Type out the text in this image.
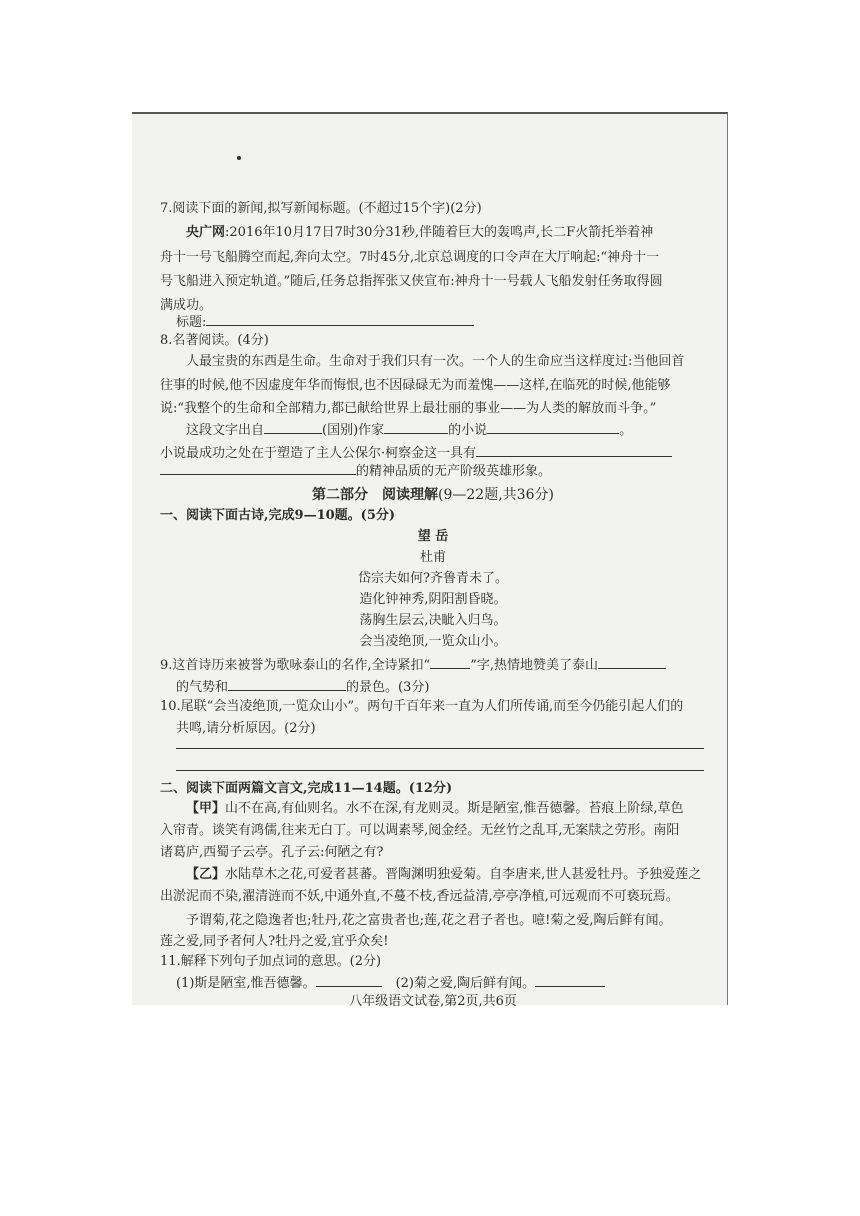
7.阅读下面的新闻,拟写新闻标题。(不超过15个字)(2分)
央广网:2016年10月17日7时30分31秒,伴随着巨大的轰鸣声,长二F火箭托举着神
舟十一号飞船腾空而起,奔向太空。7时45分,北京总调度的口令声在大厅响起:“神舟十一
号飞船进入预定轨道。”随后,任务总指挥张又侠宣布:神舟十一号载人飞船发射任务取得圆
满成功。
标题:
8.名著阅读。(4分)
人最宝贵的东西是生命。生命对于我们只有一次。一个人的生命应当这样度过:当他回首
往事的时候,他不因虚度年华而悔恨,也不因碌碌无为而羞愧——这样,在临死的时候,他能够
说:“我整个的生命和全部精力,都已献给世界上最壮丽的事业——为人类的解放而斗争。”
这段文字出自	(国别)作家	的小说	。
小说最成功之处在于塑造了主人公保尔·柯察金这一具有
的精神品质的无产阶级英雄形象。
第二部分　阅读理解(9—22题,共36分)
一、阅读下面古诗,完成9—10题。(5分)
望 岳
杜甫
岱宗夫如何?齐鲁青未了。
造化钟神秀,阴阳割昏晓。
荡胸生层云,决眦入归鸟。
会当凌绝顶,一览众山小。
9.这首诗历来被誉为歌咏泰山的名作,全诗紧扣“	”字,热情地赞美了泰山
的气势和	的景色。(3分)
10.尾联“会当凌绝顶,一览众山小”。两句千百年来一直为人们所传诵,而至今仍能引起人们的
共鸣,请分析原因。(2分)
二、阅读下面两篇文言文,完成11—14题。(12分)
【甲】山不在高,有仙则名。水不在深,有龙则灵。斯是陋室,惟吾德馨。苔痕上阶绿,草色
入帘青。谈笑有鸿儒,往来无白丁。可以调素琴,阅金经。无丝竹之乱耳,无案牍之劳形。南阳
诸葛庐,西蜀子云亭。孔子云:何陋之有?
【乙】水陆草木之花,可爱者甚蕃。晋陶渊明独爱菊。自李唐来,世人甚爱牡丹。予独爱莲之
出淤泥而不染,濯清涟而不妖,中通外直,不蔓不枝,香远益清,亭亭净植,可远观而不可亵玩焉。
予谓菊,花之隐逸者也;牡丹,花之富贵者也;莲,花之君子者也。噫!菊之爱,陶后鲜有闻。
莲之爱,同予者何人?牡丹之爱,宜乎众矣!
11.解释下列句子加点词的意思。(2分)
(1)斯是陋室,惟吾德馨。	(2)菊之爱,陶后鲜有闻。
八年级语文试卷,第2页,共6页
